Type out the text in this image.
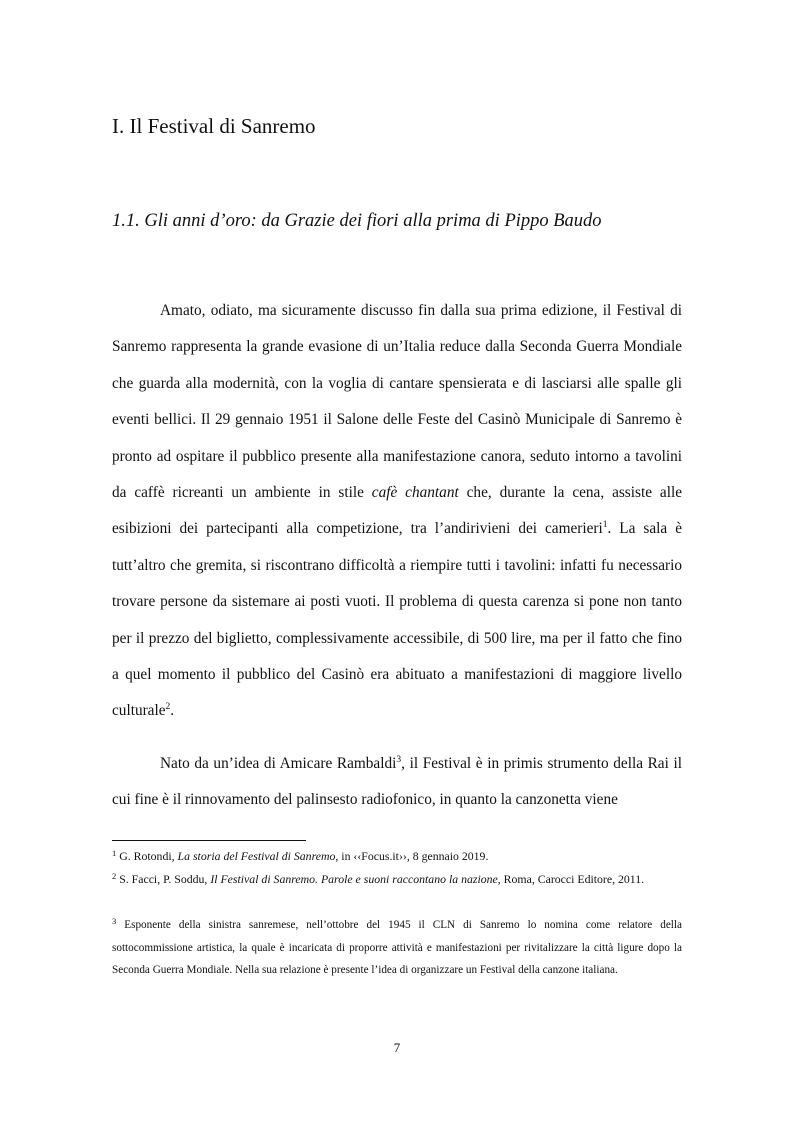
I. Il Festival di Sanremo
1.1. Gli anni d’oro: da Grazie dei fiori alla prima di Pippo Baudo

Amato, odiato, ma sicuramente discusso fin dalla sua prima edizione, il Festival di Sanremo rappresenta la grande evasione di un’Italia reduce dalla Seconda Guerra Mondiale che guarda alla modernità, con la voglia di cantare spensierata e di lasciarsi alle spalle gli eventi bellici. Il 29 gennaio 1951 il Salone delle Feste del Casinò Municipale di Sanremo è pronto ad ospitare il pubblico presente alla manifestazione canora, seduto intorno a tavolini da caffè ricreanti un ambiente in stile cafè chantant che, durante la cena, assiste alle esibizioni dei partecipanti alla competizione, tra l’andirivieni dei camerieri$^1$. La sala è tutt’altro che gremita, si riscontrano difficoltà a riempire tutti i tavolini: infatti fu necessario trovare persone da sistemare ai posti vuoti. Il problema di questa carenza si pone non tanto per il prezzo del biglietto, complessivamente accessibile, di 500 lire, ma per il fatto che fino a quel momento il pubblico del Casinò era abituato a manifestazioni di maggiore livello culturale$^2$.

Nato da un’idea di Amicare Rambaldi$^3$, il Festival è in primis strumento della Rai il cui fine è il rinnovamento del palinsesto radiofonico, in quanto la canzonetta viene

$^1$ G. Rotondi, La storia del Festival di Sanremo, in ‹‹Focus.it››, 8 gennaio 2019.

$^2$ S. Facci, P. Soddu, Il Festival di Sanremo. Parole e suoni raccontano la nazione, Roma, Carocci Editore, 2011.

$^3$ Esponente della sinistra sanremese, nell’ottobre del 1945 il CLN di Sanremo lo nomina come relatore della sottocommissione artistica, la quale è incaricata di proporre attività e manifestazioni per rivitalizzare la città ligure dopo la Seconda Guerra Mondiale. Nella sua relazione è presente l’idea di organizzare un Festival della canzone italiana.

7
